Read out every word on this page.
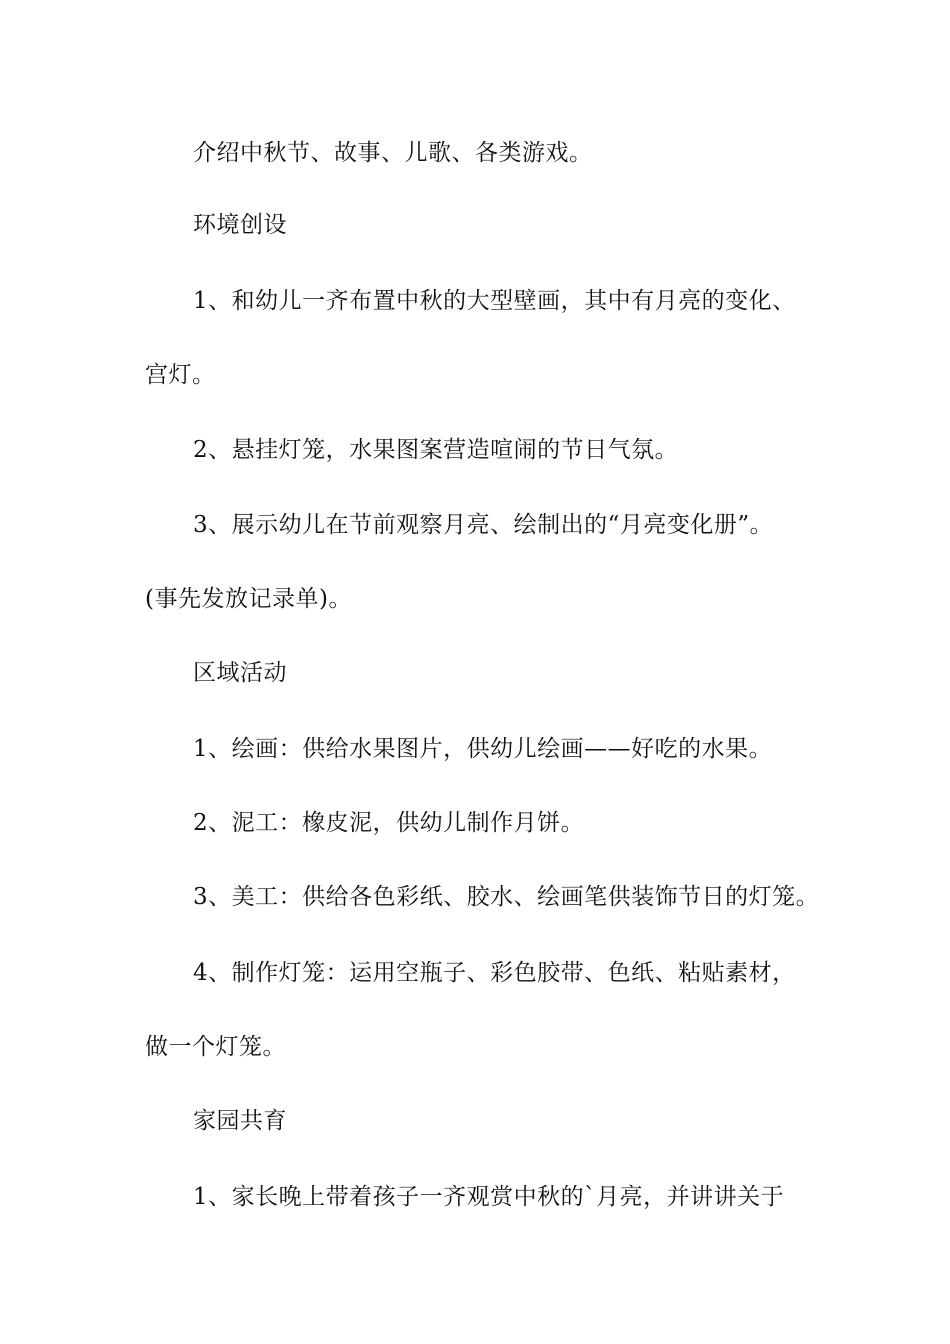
介绍中秋节、故事、儿歌、各类游戏。
环境创设
1、和幼儿一齐布置中秋的大型壁画，其中有月亮的变化、
宫灯。
2、悬挂灯笼，水果图案营造喧闹的节日气氛。
3、展示幼儿在节前观察月亮、绘制出的“月亮变化册”。
(事先发放记录单)。
区域活动
1、绘画：供给水果图片，供幼儿绘画——好吃的水果。
2、泥工：橡皮泥，供幼儿制作月饼。
3、美工：供给各色彩纸、胶水、绘画笔供装饰节日的灯笼。
4、制作灯笼：运用空瓶子、彩色胶带、色纸、粘贴素材，
做一个灯笼。
家园共育
1、家长晚上带着孩子一齐观赏中秋的`月亮，并讲讲关于
